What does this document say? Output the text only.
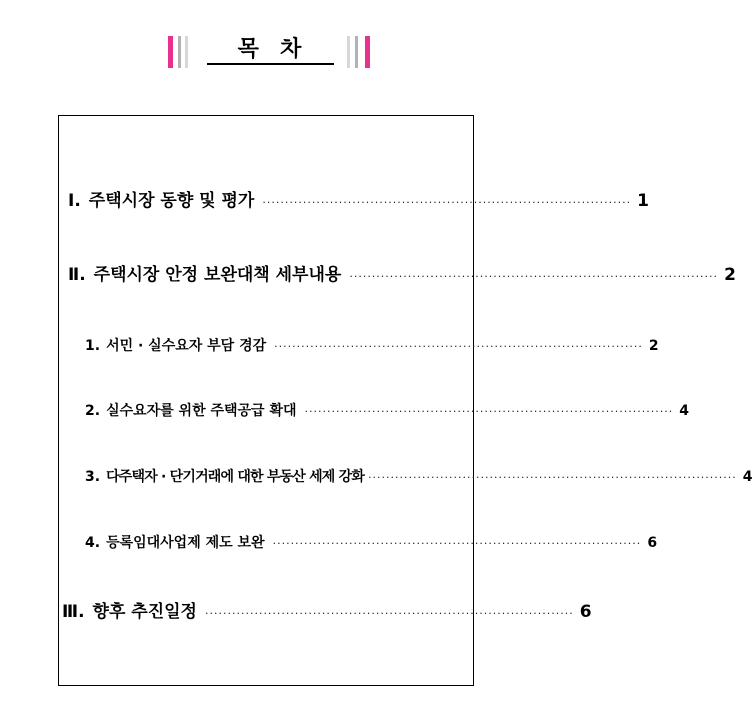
목  차
Ⅰ. 주택시장 동향 및 평가 ·················································································· 1
Ⅱ. 주택시장 안정 보완대책 세부내용 ·················································································· 2
1. 서민 · 실수요자 부담 경감 ·················································································· 2
2. 실수요자를 위한 주택공급 확대 ·················································································· 4
3. 다주택자 · 단기거래에 대한 부동산 세제 강화 ·················································································· 4
4. 등록임대사업제 제도 보완 ·················································································· 6
Ⅲ. 향후 추진일정 ·················································································· 6
